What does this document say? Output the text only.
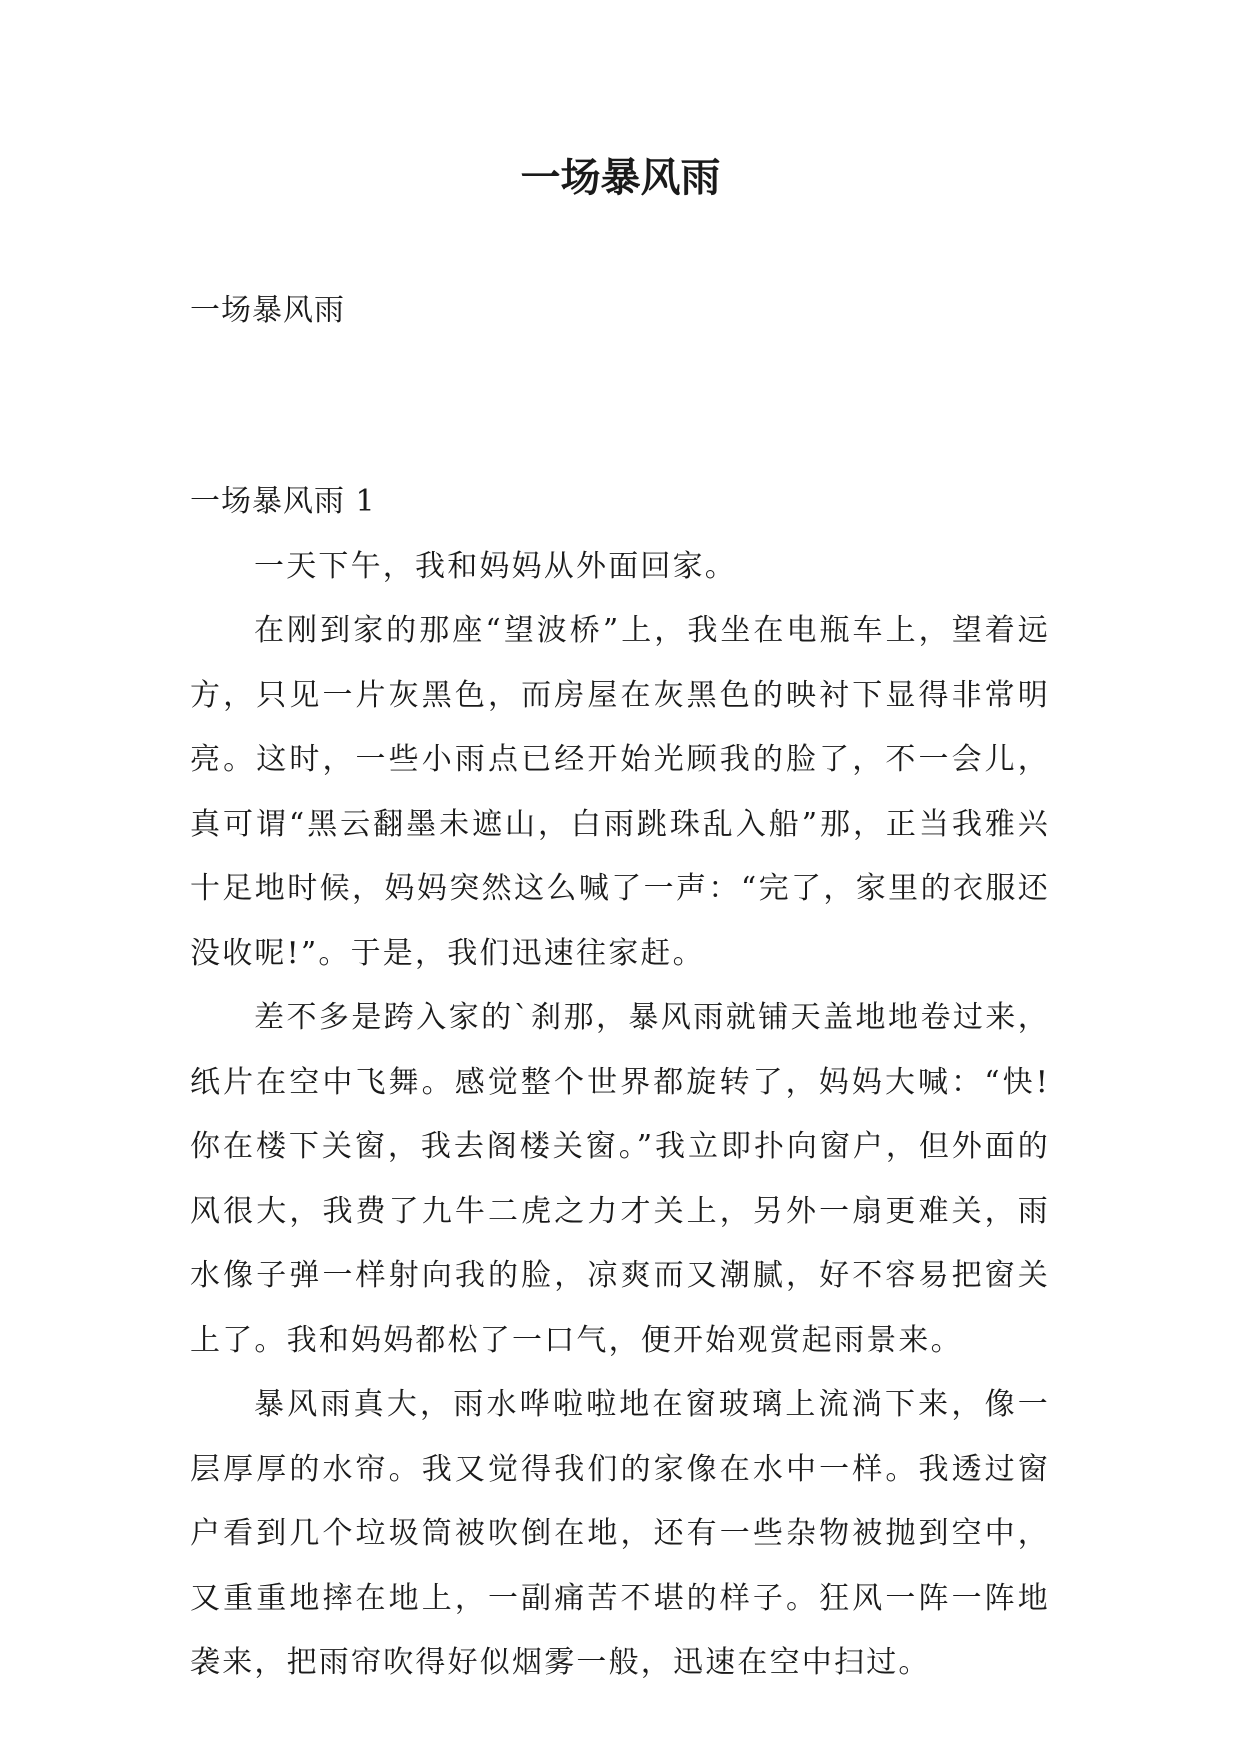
一场暴风雨

一场暴风雨

一场暴风雨 1

一天下午，我和妈妈从外面回家。

在刚到家的那座“望波桥”上，我坐在电瓶车上，望着远方，只见一片灰黑色，而房屋在灰黑色的映衬下显得非常明亮。这时，一些小雨点已经开始光顾我的脸了，不一会儿，真可谓“黑云翻墨未遮山，白雨跳珠乱入船”那，正当我雅兴十足地时候，妈妈突然这么喊了一声：“完了，家里的衣服还没收呢!”。于是，我们迅速往家赶。

差不多是跨入家的`刹那，暴风雨就铺天盖地地卷过来，纸片在空中飞舞。感觉整个世界都旋转了，妈妈大喊：“快!你在楼下关窗，我去阁楼关窗。”我立即扑向窗户，但外面的风很大，我费了九牛二虎之力才关上，另外一扇更难关，雨水像子弹一样射向我的脸，凉爽而又潮腻，好不容易把窗关上了。我和妈妈都松了一口气，便开始观赏起雨景来。

暴风雨真大，雨水哗啦啦地在窗玻璃上流淌下来，像一层厚厚的水帘。我又觉得我们的家像在水中一样。我透过窗户看到几个垃圾筒被吹倒在地，还有一些杂物被抛到空中，又重重地摔在地上，一副痛苦不堪的样子。狂风一阵一阵地袭来，把雨帘吹得好似烟雾一般，迅速在空中扫过。
